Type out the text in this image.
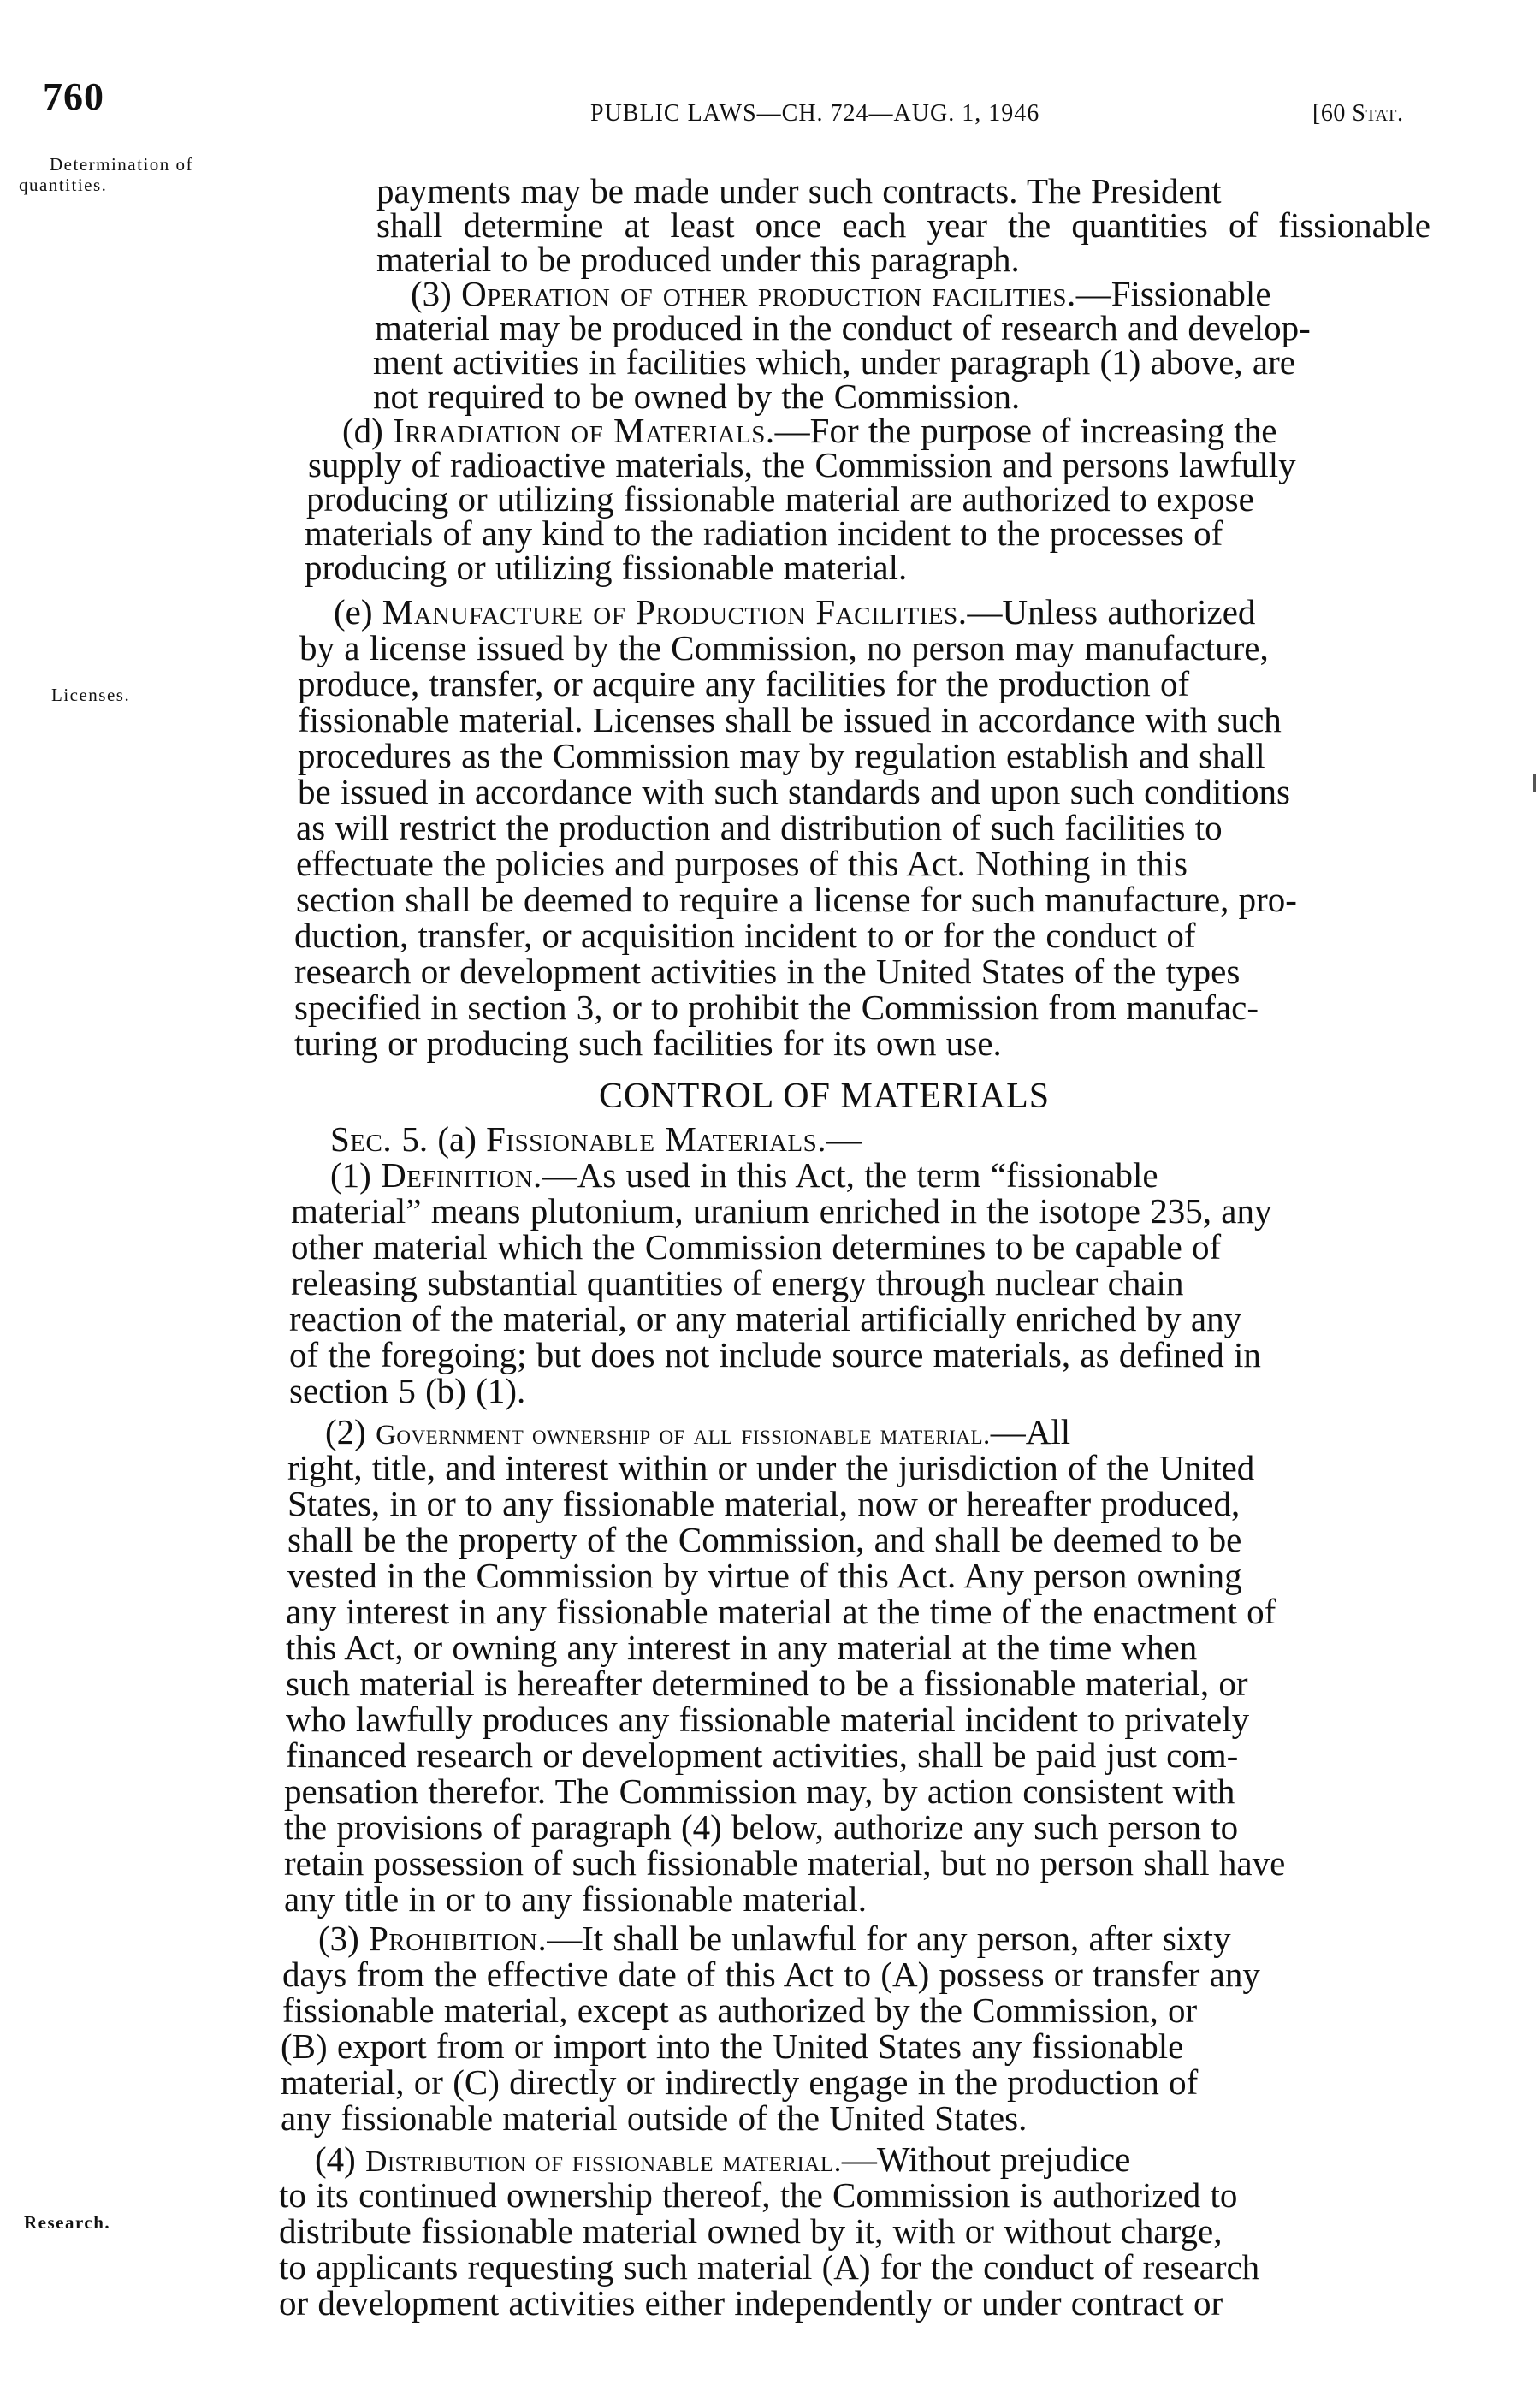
760	PUBLIC LAWS—CH. 724—AUG. 1, 1946	[60 Stat.
Determination of
quantities.
Licenses.
Research.
payments may be made under such contracts. The President
shall determine at least once each year the quantities of fissionable
material to be produced under this paragraph.
(3) Operation of other production facilities.—Fissionable
material may be produced in the conduct of research and develop-
ment activities in facilities which, under paragraph (1) above, are
not required to be owned by the Commission.
(d) Irradiation of Materials.—For the purpose of increasing the
supply of radioactive materials, the Commission and persons lawfully
producing or utilizing fissionable material are authorized to expose
materials of any kind to the radiation incident to the processes of
producing or utilizing fissionable material.
(e) Manufacture of Production Facilities.—Unless authorized
by a license issued by the Commission, no person may manufacture,
produce, transfer, or acquire any facilities for the production of
fissionable material. Licenses shall be issued in accordance with such
procedures as the Commission may by regulation establish and shall
be issued in accordance with such standards and upon such conditions
as will restrict the production and distribution of such facilities to
effectuate the policies and purposes of this Act. Nothing in this
section shall be deemed to require a license for such manufacture, pro-
duction, transfer, or acquisition incident to or for the conduct of
research or development activities in the United States of the types
specified in section 3, or to prohibit the Commission from manufac-
turing or producing such facilities for its own use.
CONTROL OF MATERIALS
Sec. 5. (a) Fissionable Materials.—
(1) Definition.—As used in this Act, the term “fissionable
material” means plutonium, uranium enriched in the isotope 235, any
other material which the Commission determines to be capable of
releasing substantial quantities of energy through nuclear chain
reaction of the material, or any material artificially enriched by any
of the foregoing; but does not include source materials, as defined in
section 5 (b) (1).
(2) Government ownership of all fissionable material.—All
right, title, and interest within or under the jurisdiction of the United
States, in or to any fissionable material, now or hereafter produced,
shall be the property of the Commission, and shall be deemed to be
vested in the Commission by virtue of this Act. Any person owning
any interest in any fissionable material at the time of the enactment of
this Act, or owning any interest in any material at the time when
such material is hereafter determined to be a fissionable material, or
who lawfully produces any fissionable material incident to privately
financed research or development activities, shall be paid just com-
pensation therefor. The Commission may, by action consistent with
the provisions of paragraph (4) below, authorize any such person to
retain possession of such fissionable material, but no person shall have
any title in or to any fissionable material.
(3) Prohibition.—It shall be unlawful for any person, after sixty
days from the effective date of this Act to (A) possess or transfer any
fissionable material, except as authorized by the Commission, or
(B) export from or import into the United States any fissionable
material, or (C) directly or indirectly engage in the production of
any fissionable material outside of the United States.
(4) Distribution of fissionable material.—Without prejudice
to its continued ownership thereof, the Commission is authorized to
distribute fissionable material owned by it, with or without charge,
to applicants requesting such material (A) for the conduct of research
or development activities either independently or under contract or
